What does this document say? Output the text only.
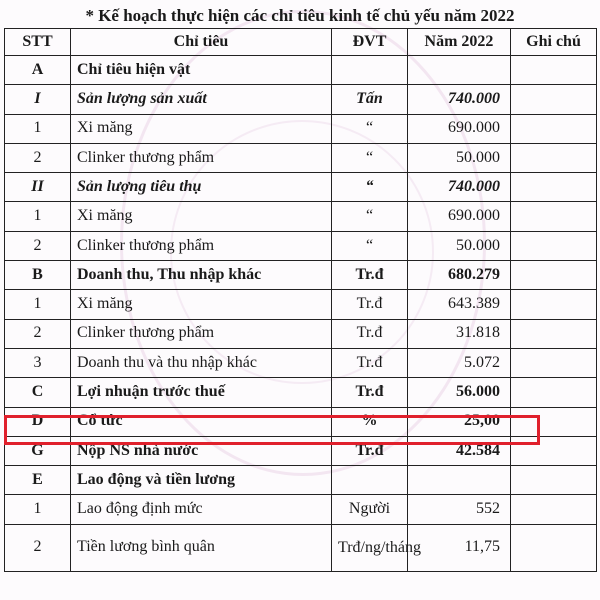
* Kế hoạch thực hiện các chỉ tiêu kinh tế chủ yếu năm 2022
STT	Chỉ tiêu	ĐVT	Năm 2022	Ghi chú
A	Chỉ tiêu hiện vật			
I	Sản lượng sản xuất	Tấn	740.000	
1	Xi măng	“	690.000	
2	Clinker thương phẩm	“	50.000	
II	Sản lượng tiêu thụ	“	740.000	
1	Xi măng	“	690.000	
2	Clinker thương phẩm	“	50.000	
B	Doanh thu, Thu nhập khác	Tr.đ	680.279	
1	Xi măng	Tr.đ	643.389	
2	Clinker thương phẩm	Tr.đ	31.818	
3	Doanh thu và thu nhập khác	Tr.đ	5.072	
C	Lợi nhuận trước thuế	Tr.đ	56.000	
D	Cổ tức	%	25,00	
G	Nộp NS nhà nước	Tr.đ	42.584	
E	Lao động và tiền lương			
1	Lao động định mức	Người	552	
2	Tiền lương bình quân	Trđ/ng/tháng	11,75	
